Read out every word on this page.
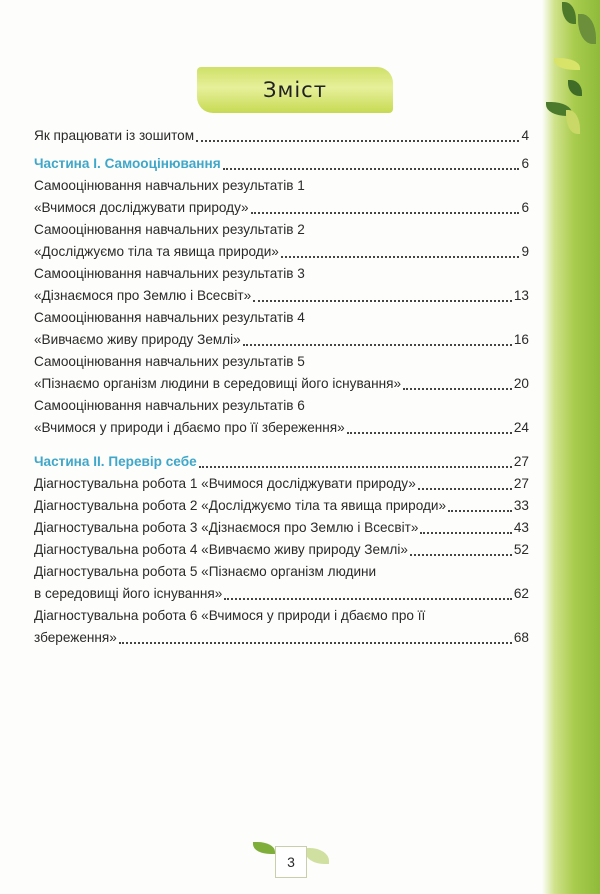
Зміст
Як працювати із зошитом	4
Частина І. Самооцінювання	6
Самооцінювання навчальних результатів 1
«Вчимося досліджувати природу»	6
Самооцінювання навчальних результатів 2
«Досліджуємо тіла та явища природи»	9
Самооцінювання навчальних результатів 3
«Дізнаємося про Землю і Всесвіт»	13
Самооцінювання навчальних результатів 4
«Вивчаємо живу природу Землі»	16
Самооцінювання навчальних результатів 5
«Пізнаємо організм людини в середовищі його існування»	20
Самооцінювання навчальних результатів 6
«Вчимося у природи і дбаємо про її збереження»	24
Частина ІІ. Перевір себе	27
Діагностувальна робота 1 «Вчимося досліджувати природу»	27
Діагностувальна робота 2 «Досліджуємо тіла та явища природи»	33
Діагностувальна робота 3 «Дізнаємося про Землю і Всесвіт»	43
Діагностувальна робота 4 «Вивчаємо живу природу Землі»	52
Діагностувальна робота 5 «Пізнаємо організм людини
в середовищі його існування»	62
Діагностувальна робота 6 «Вчимося у природи і дбаємо про її
збереження»	68
3
